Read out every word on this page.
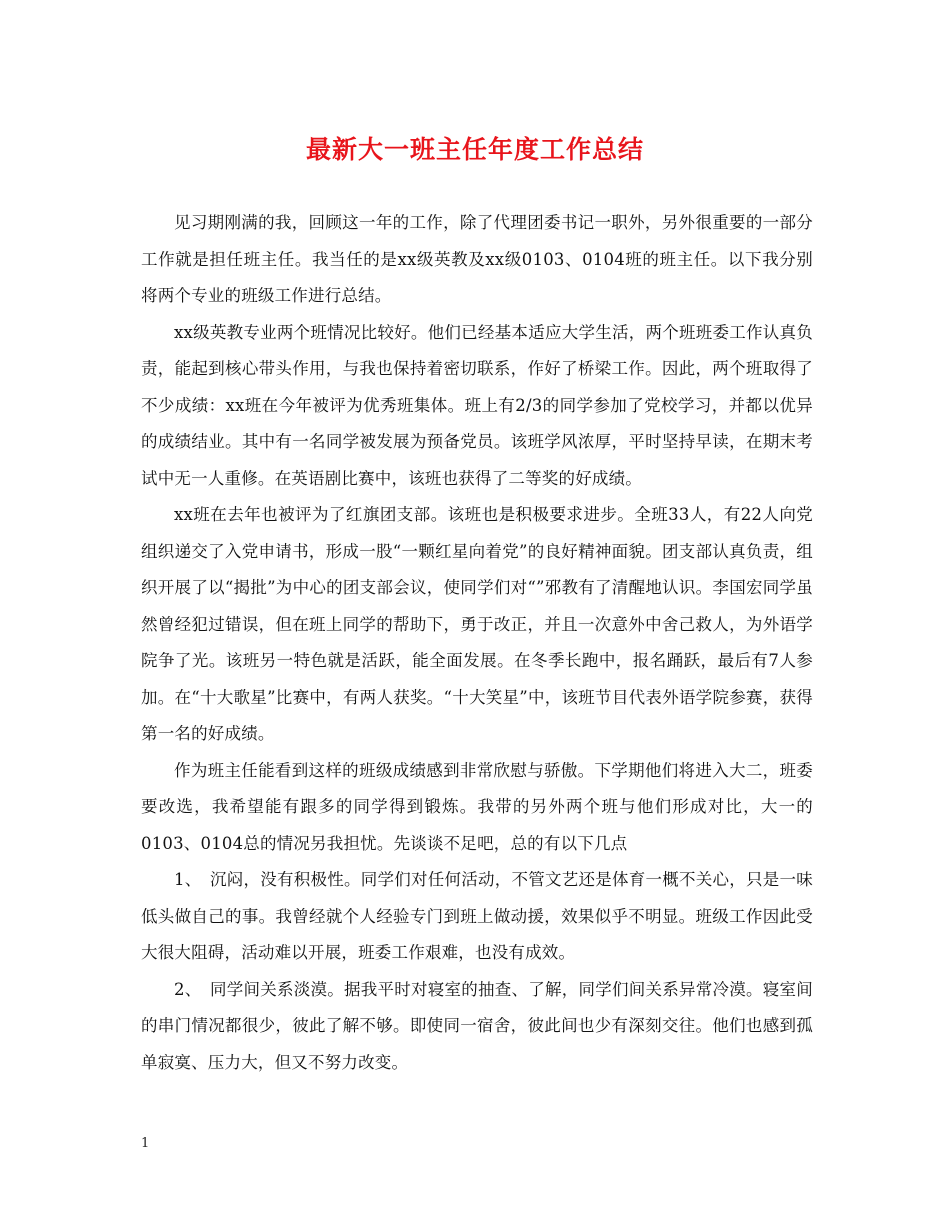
最新大一班主任年度工作总结

见习期刚满的我，回顾这一年的工作，除了代理团委书记一职外，另外很重要的一部分工作就是担任班主任。我当任的是xx级英教及xx级0103、0104班的班主任。以下我分别将两个专业的班级工作进行总结。

xx级英教专业两个班情况比较好。他们已经基本适应大学生活，两个班班委工作认真负责，能起到核心带头作用，与我也保持着密切联系，作好了桥梁工作。因此，两个班取得了不少成绩：xx班在今年被评为优秀班集体。班上有2/3的同学参加了党校学习，并都以优异的成绩结业。其中有一名同学被发展为预备党员。该班学风浓厚，平时坚持早读，在期末考试中无一人重修。在英语剧比赛中，该班也获得了二等奖的好成绩。

xx班在去年也被评为了红旗团支部。该班也是积极要求进步。全班33人，有22人向党组织递交了入党申请书，形成一股“一颗红星向着党”的良好精神面貌。团支部认真负责，组织开展了以“揭批”为中心的团支部会议，使同学们对“”邪教有了清醒地认识。李国宏同学虽然曾经犯过错误，但在班上同学的帮助下，勇于改正，并且一次意外中舍己救人，为外语学院争了光。该班另一特色就是活跃，能全面发展。在冬季长跑中，报名踊跃，最后有7人参加。在“十大歌星”比赛中，有两人获奖。“十大笑星”中，该班节目代表外语学院参赛，获得第一名的好成绩。

作为班主任能看到这样的班级成绩感到非常欣慰与骄傲。下学期他们将进入大二，班委要改选，我希望能有跟多的同学得到锻炼。我带的另外两个班与他们形成对比，大一的0103、0104总的情况另我担忧。先谈谈不足吧，总的有以下几点

1、　沉闷，没有积极性。同学们对任何活动，不管文艺还是体育一概不关心，只是一味低头做自己的事。我曾经就个人经验专门到班上做动援，效果似乎不明显。班级工作因此受大很大阻碍，活动难以开展，班委工作艰难，也没有成效。

2、　同学间关系淡漠。据我平时对寝室的抽查、了解，同学们间关系异常冷漠。寝室间的串门情况都很少，彼此了解不够。即使同一宿舍，彼此间也少有深刻交往。他们也感到孤单寂寞、压力大，但又不努力改变。

1
